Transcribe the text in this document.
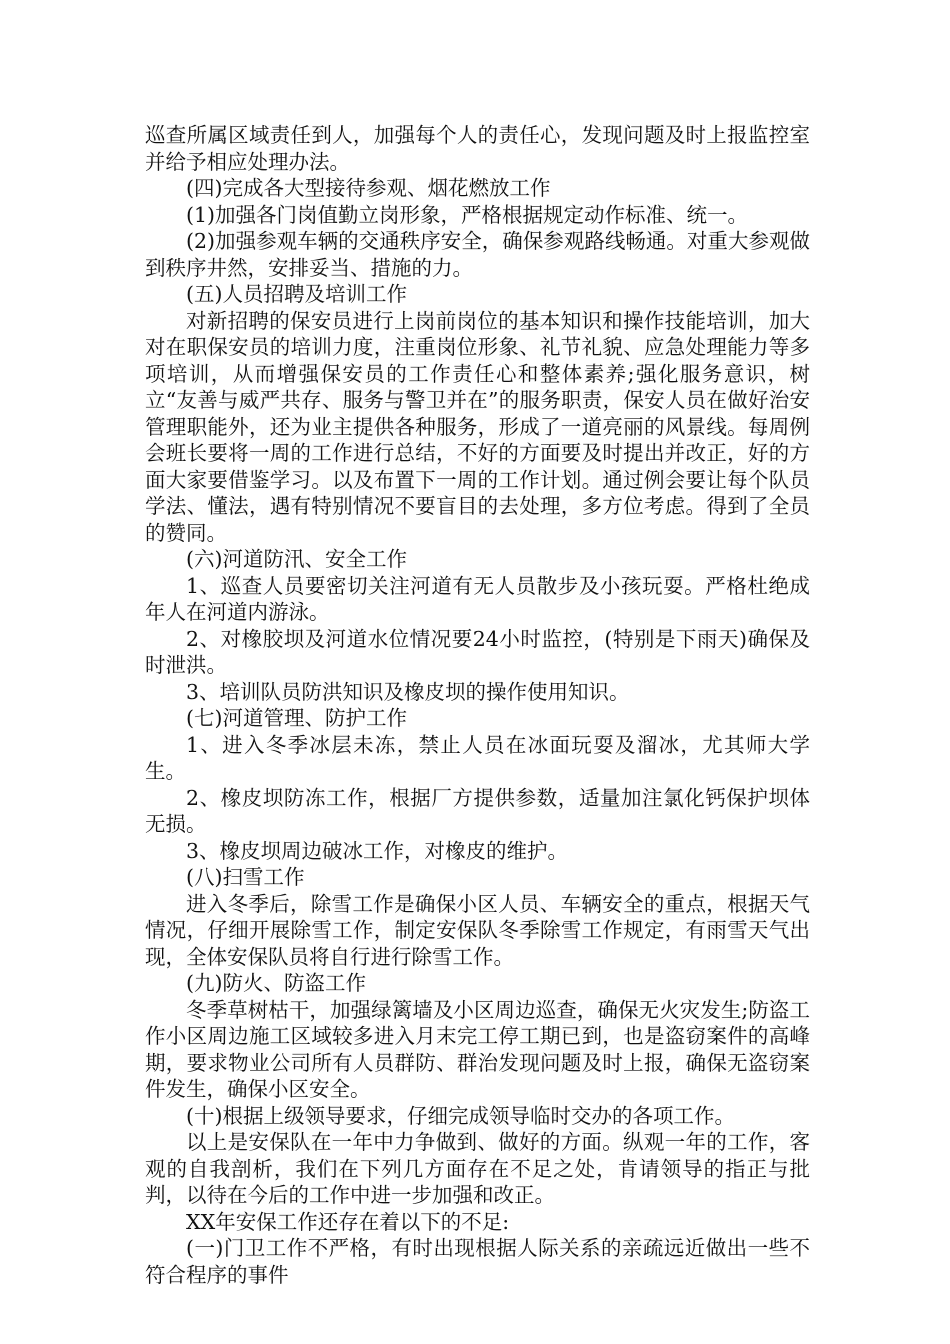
巡查所属区域责任到人，加强每个人的责任心，发现问题及时上报监控室并给予相应处理办法。

(四)完成各大型接待参观、烟花燃放工作

(1)加强各门岗值勤立岗形象，严格根据规定动作标准、统一。

(2)加强参观车辆的交通秩序安全，确保参观路线畅通。对重大参观做到秩序井然，安排妥当、措施的力。

(五)人员招聘及培训工作

对新招聘的保安员进行上岗前岗位的基本知识和操作技能培训，加大对在职保安员的培训力度，注重岗位形象、礼节礼貌、应急处理能力等多项培训，从而增强保安员的工作责任心和整体素养;强化服务意识，树立“友善与威严共存、服务与警卫并在”的服务职责，保安人员在做好治安管理职能外，还为业主提供各种服务，形成了一道亮丽的风景线。每周例会班长要将一周的工作进行总结，不好的方面要及时提出并改正，好的方面大家要借鉴学习。以及布置下一周的工作计划。通过例会要让每个队员学法、懂法，遇有特别情况不要盲目的去处理，多方位考虑。得到了全员的赞同。

(六)河道防汛、安全工作

1、巡查人员要密切关注河道有无人员散步及小孩玩耍。严格杜绝成年人在河道内游泳。

2、对橡胶坝及河道水位情况要24小时监控，(特别是下雨天)确保及时泄洪。

3、培训队员防洪知识及橡皮坝的操作使用知识。

(七)河道管理、防护工作

1、进入冬季冰层未冻，禁止人员在冰面玩耍及溜冰，尤其师大学生。

2、橡皮坝防冻工作，根据厂方提供参数，适量加注氯化钙保护坝体无损。

3、橡皮坝周边破冰工作，对橡皮的维护。

(八)扫雪工作

进入冬季后，除雪工作是确保小区人员、车辆安全的重点，根据天气情况，仔细开展除雪工作，制定安保队冬季除雪工作规定，有雨雪天气出现，全体安保队员将自行进行除雪工作。

(九)防火、防盗工作

冬季草树枯干，加强绿篱墙及小区周边巡查，确保无火灾发生;防盗工作小区周边施工区域较多进入月末完工停工期已到，也是盗窃案件的高峰期，要求物业公司所有人员群防、群治发现问题及时上报，确保无盗窃案件发生，确保小区安全。

(十)根据上级领导要求，仔细完成领导临时交办的各项工作。

以上是安保队在一年中力争做到、做好的方面。纵观一年的工作，客观的自我剖析，我们在下列几方面存在不足之处，肯请领导的指正与批判，以待在今后的工作中进一步加强和改正。

XX年安保工作还存在着以下的不足:

(一)门卫工作不严格，有时出现根据人际关系的亲疏远近做出一些不符合程序的事件
